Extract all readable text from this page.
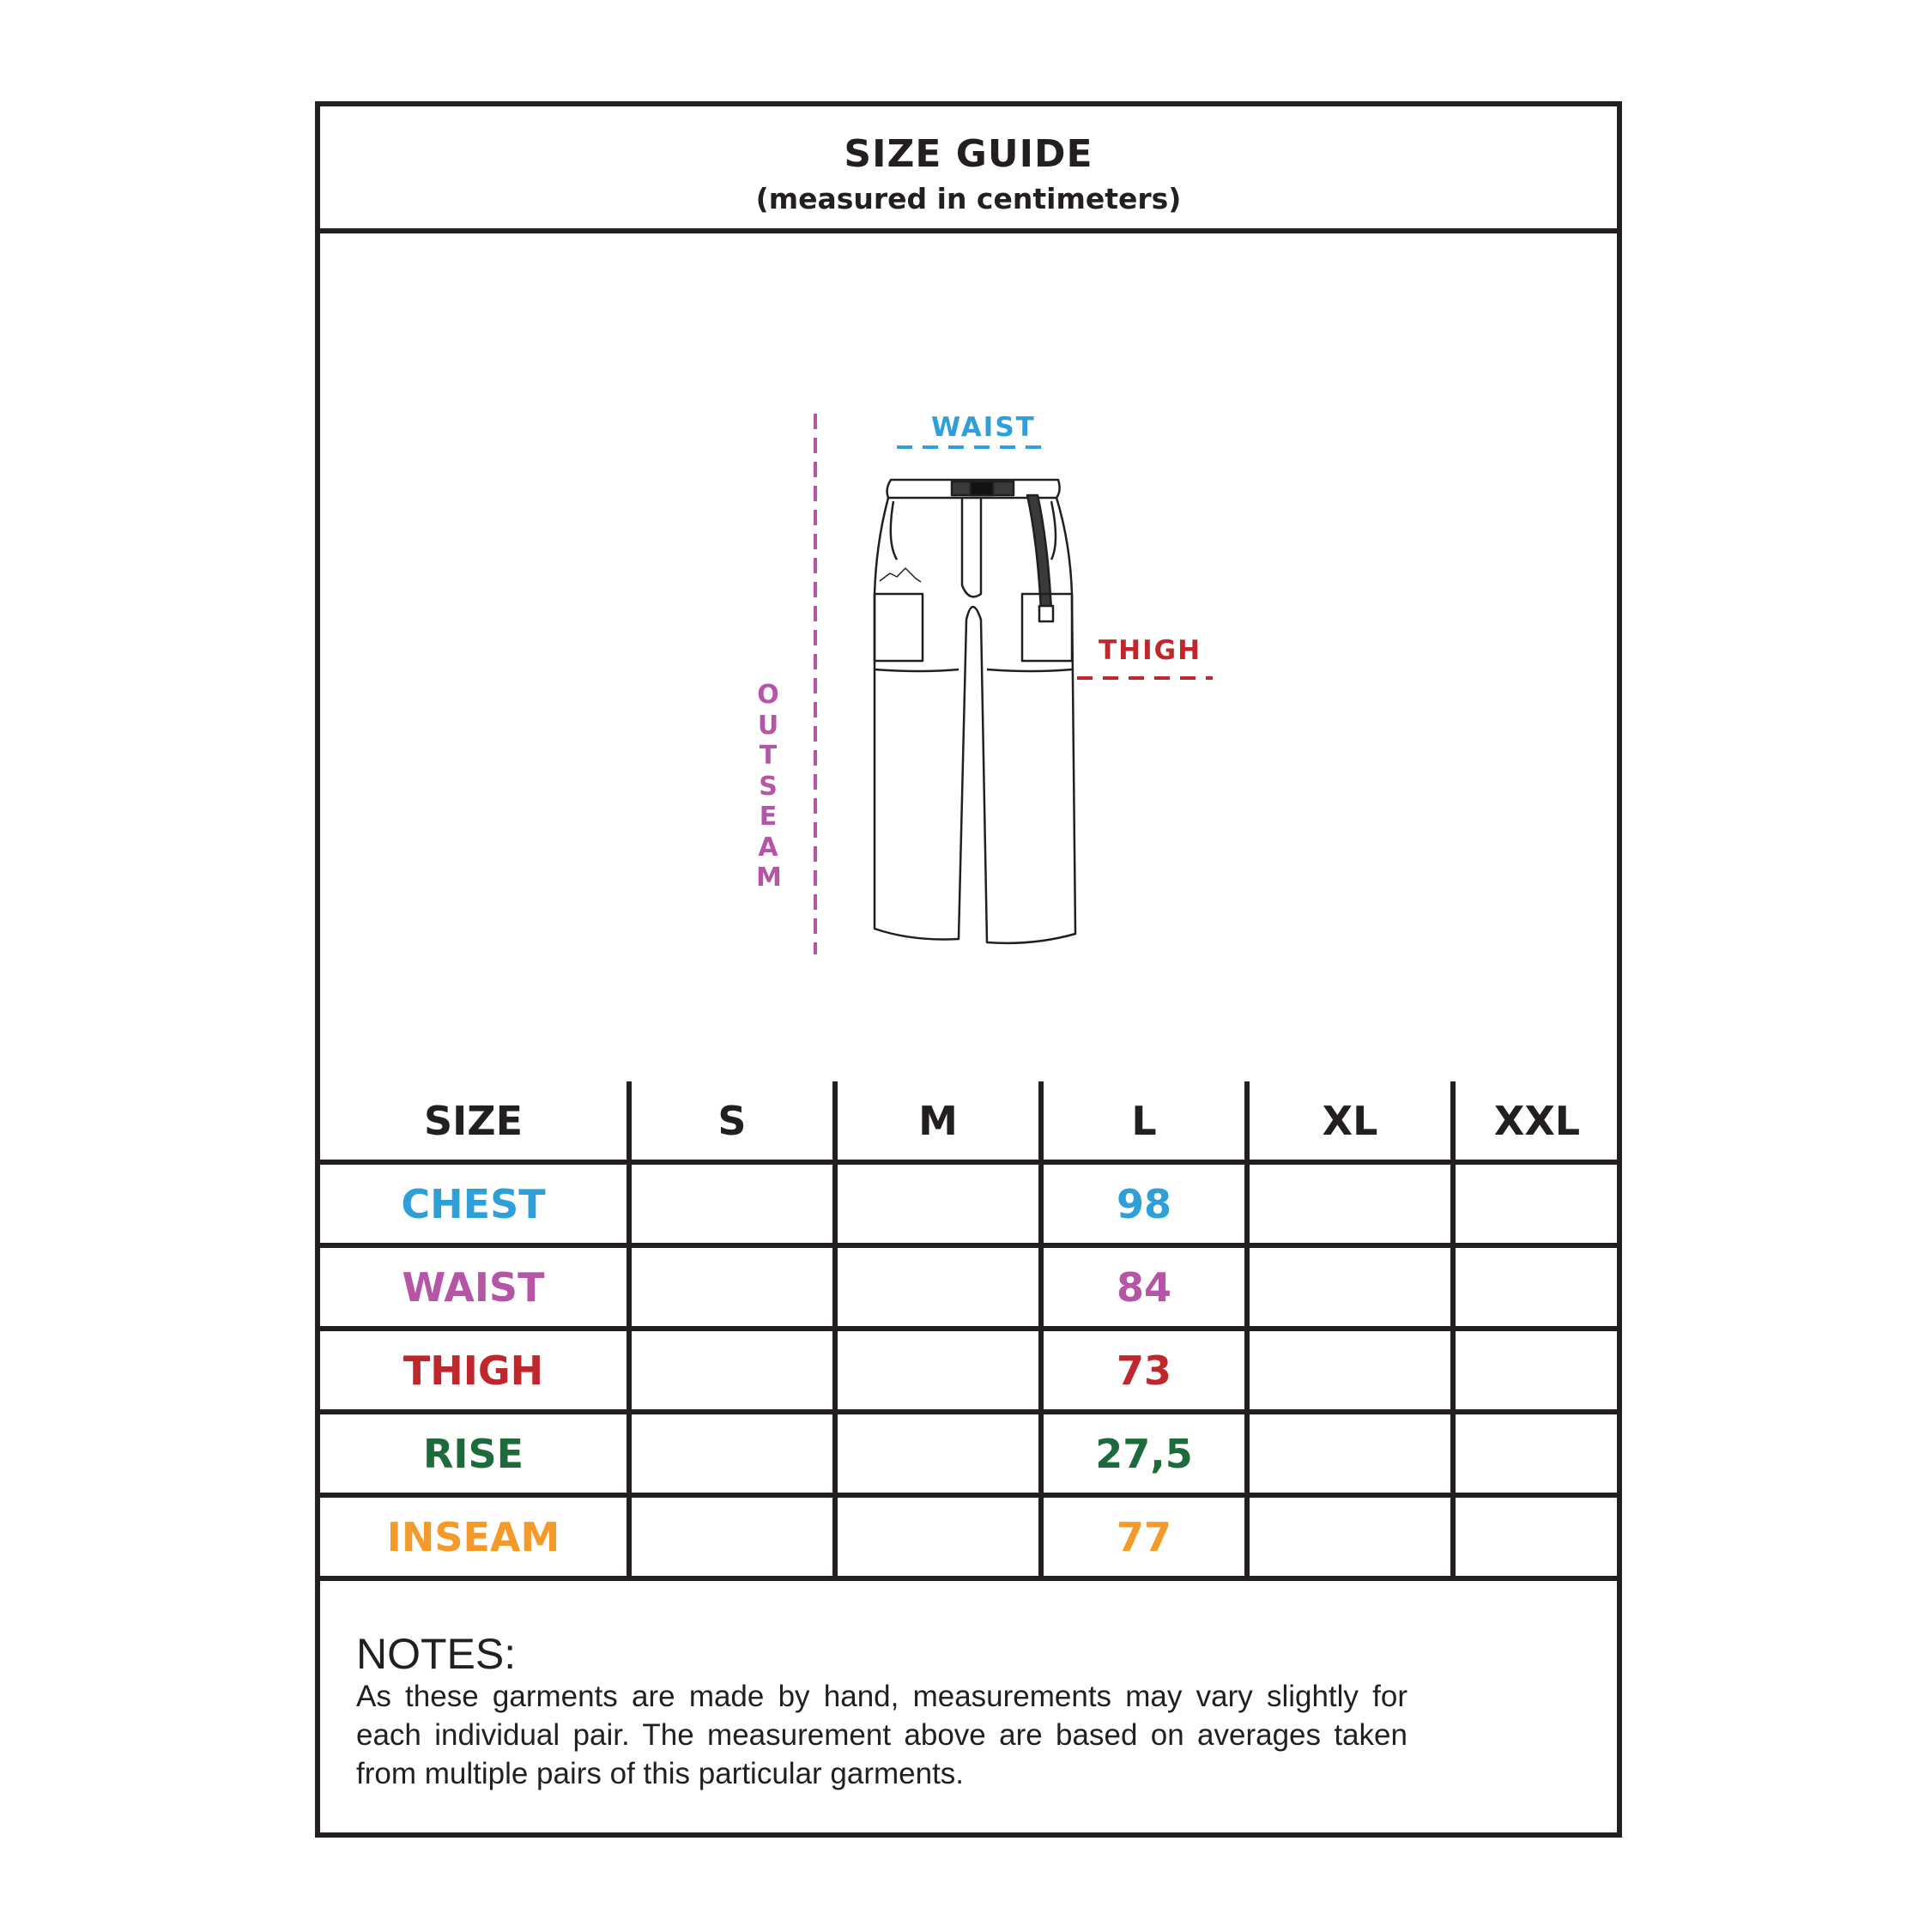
SIZE GUIDE
(measured in centimeters)
WAIST
THIGH
O
U
T
S
E
A
M
SIZE	S	M	L	XL	XXL
CHEST			98		
WAIST			84		
THIGH			73		
RISE			27,5		
INSEAM			77		
NOTES:
As these garments are made by hand, measurements may vary slightly for each individual pair. The measurement above are based on averages taken from multiple pairs of this particular garments.
